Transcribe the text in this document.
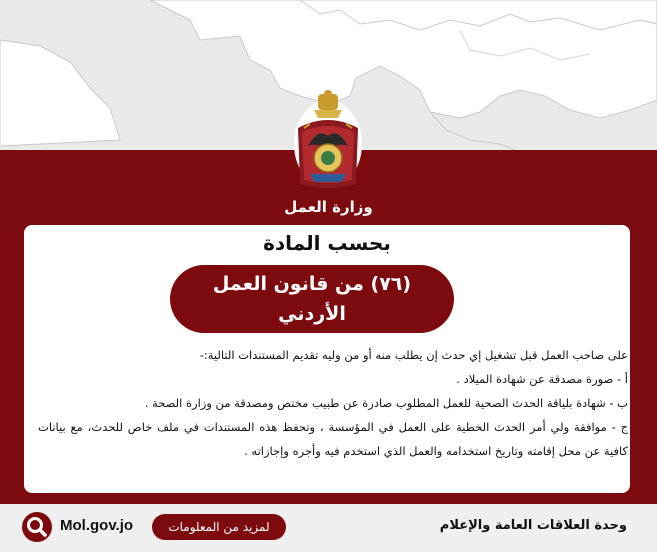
وزارة العمل
بحسب المادة
(٧٦) من قانون العمل
الأردني

على صاحب العمل قبل تشغيل إي حدث إن يطلب منه أو من وليه تقديم المستندات التالية:-

أ - صورة مصدقة عن شهادة الميلاد .

ب - شهادة بلياقة الحدث الصحية للعمل المطلوب صادرة عن طبيب مختص ومصدقة من وزارة الصحة .

ج - موافقة ولي أمر الحدث الخطية على العمل في المؤسسة ، وتحفظ هذه المستندات في ملف خاص للحدث، مع بيانات كافية عن محل إقامته وتاريخ استخدامه والعمل الذي استخدم فيه وأجره وإجازاته .

Mol.gov.jo	لمزيد من المعلومات	وحدة العلاقات العامة والإعلام
